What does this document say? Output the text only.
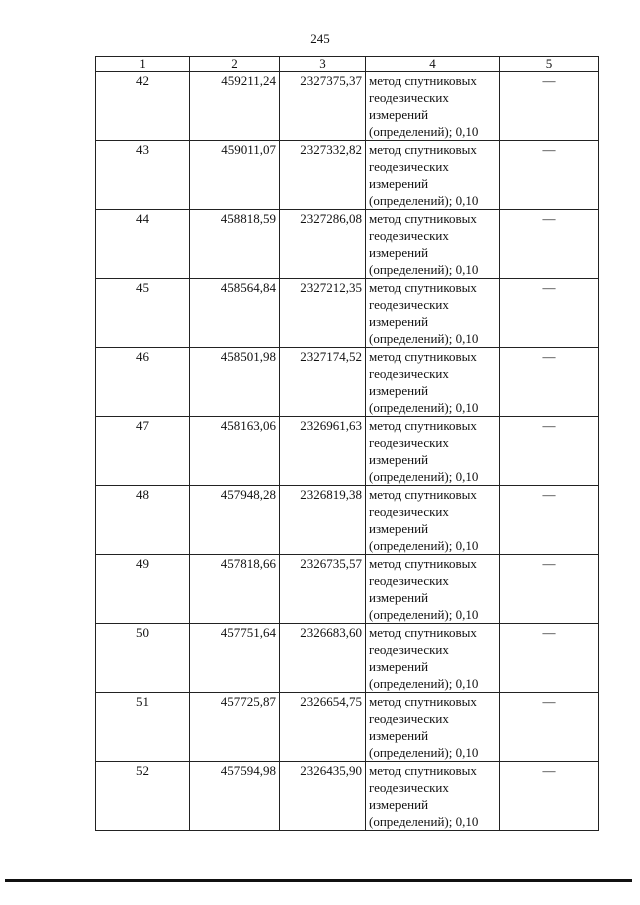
245
1	2	3	4	5
42	459211,24	2327375,37	метод спутниковых геодезических измерений (определений); 0,10	—
43	459011,07	2327332,82	метод спутниковых геодезических измерений (определений); 0,10	—
44	458818,59	2327286,08	метод спутниковых геодезических измерений (определений); 0,10	—
45	458564,84	2327212,35	метод спутниковых геодезических измерений (определений); 0,10	—
46	458501,98	2327174,52	метод спутниковых геодезических измерений (определений); 0,10	—
47	458163,06	2326961,63	метод спутниковых геодезических измерений (определений); 0,10	—
48	457948,28	2326819,38	метод спутниковых геодезических измерений (определений); 0,10	—
49	457818,66	2326735,57	метод спутниковых геодезических измерений (определений); 0,10	—
50	457751,64	2326683,60	метод спутниковых геодезических измерений (определений); 0,10	—
51	457725,87	2326654,75	метод спутниковых геодезических измерений (определений); 0,10	—
52	457594,98	2326435,90	метод спутниковых геодезических измерений (определений); 0,10	—
